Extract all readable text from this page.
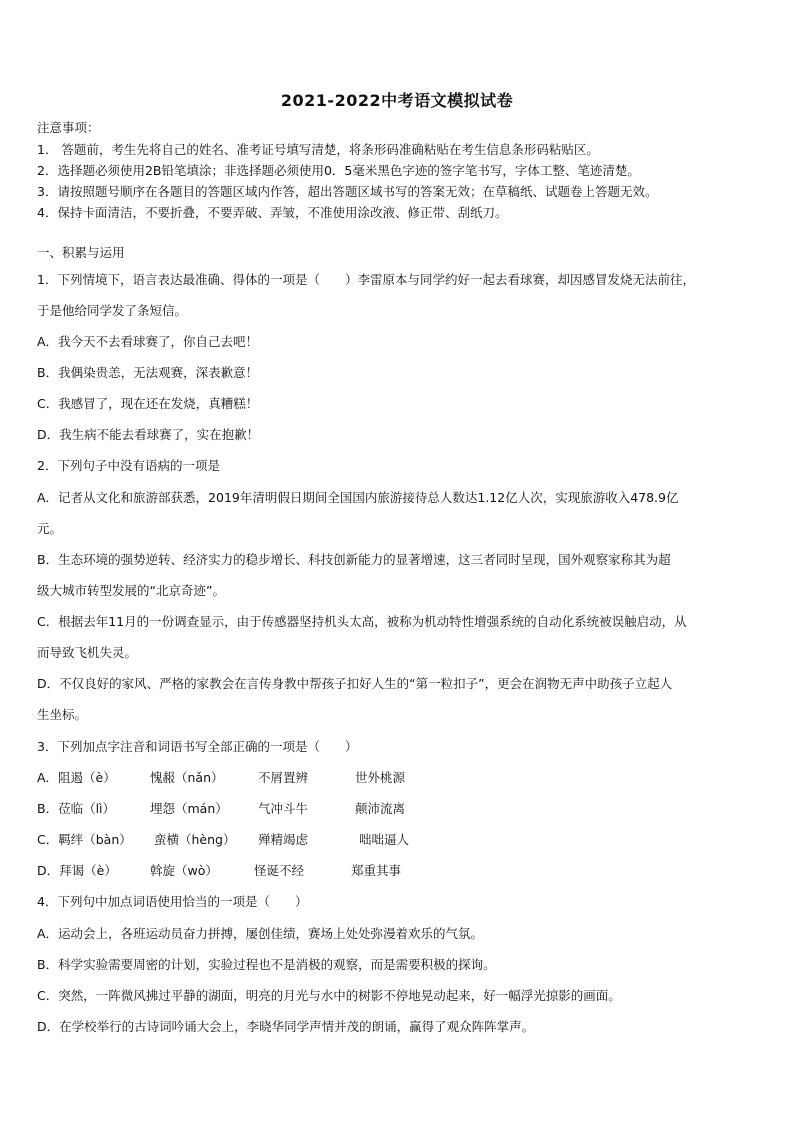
2021-2022中考语文模拟试卷
注意事项：
1． 答题前，考生先将自己的姓名、准考证号填写清楚，将条形码准确粘贴在考生信息条形码粘贴区。
2．选择题必须使用2B铅笔填涂；非选择题必须使用0．5毫米黑色字迹的签字笔书写，字体工整、笔迹清楚。
3．请按照题号顺序在各题目的答题区域内作答，超出答题区域书写的答案无效；在草稿纸、试题卷上答题无效。
4．保持卡面清洁，不要折叠，不要弄破、弄皱，不准使用涂改液、修正带、刮纸刀。
一、积累与运用
1．下列情境下，语言表达最准确、得体的一项是（　　）李雷原本与同学约好一起去看球赛，却因感冒发烧无法前往，
于是他给同学发了条短信。
A．我今天不去看球赛了，你自己去吧！
B．我偶染贵恙，无法观赛，深表歉意！
C．我感冒了，现在还在发烧，真糟糕！
D．我生病不能去看球赛了，实在抱歉！
2．下列句子中没有语病的一项是
A．记者从文化和旅游部获悉，2019年清明假日期间全国国内旅游接待总人数达1.12亿人次，实现旅游收入478.9亿
元。
B．生态环境的强势逆转、经济实力的稳步增长、科技创新能力的显著增速，这三者同时呈现，国外观察家称其为超
级大城市转型发展的“北京奇迹”。
C．根据去年11月的一份调查显示，由于传感器坚持机头太高，被称为机动特性增强系统的自动化系统被误触启动，从
而导致飞机失灵。
D．不仅良好的家风、严格的家教会在言传身教中帮孩子扣好人生的“第一粒扣子”，更会在润物无声中助孩子立起人
生坐标。
3．下列加点字注音和词语书写全部正确的一项是（　　）
A．阻遏（è）	愧赧（nǎn）	不屑置辨	世外桃源
B．莅临（lì）	埋怨（mán） 气冲斗牛	颠沛流离
C．羁绊（bàn） 蛮横（hèng） 殚精竭虑	咄咄逼人
D．拜谒（è）	斡旋（wò）	怪诞不经	郑重其事
4．下列句中加点词语使用恰当的一项是（　　）
A．运动会上，各班运动员奋力拼搏，屡创佳绩，赛场上处处弥漫着欢乐的气氛。
B．科学实验需要周密的计划，实验过程也不是消极的观察，而是需要积极的探询。
C．突然，一阵微风拂过平静的湖面，明亮的月光与水中的树影不停地晃动起来，好一幅浮光掠影的画面。
D．在学校举行的古诗词吟诵大会上，李晓华同学声情并茂的朗诵，赢得了观众阵阵掌声。
